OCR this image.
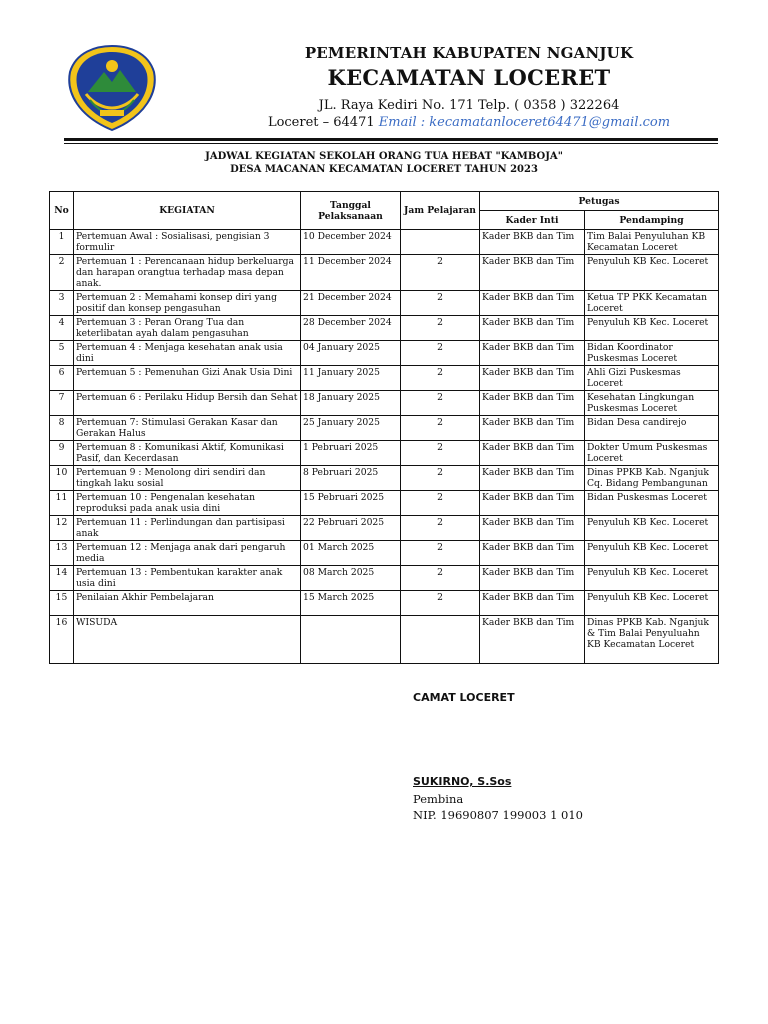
PEMERINTAH KABUPATEN NGANJUK
KECAMATAN LOCERET
JL. Raya Kediri No. 171 Telp. ( 0358 ) 322264
Loceret – 64471 Email : kecamatanloceret64471@gmail.com
JADWAL KEGIATAN SEKOLAH ORANG TUA HEBAT "KAMBOJA"
DESA MACANAN KECAMATAN LOCERET TAHUN 2023
No	KEGIATAN	Tanggal Pelaksanaan	Jam Pelajaran	Petugas	
				Kader Inti	Pendamping
1	Pertemuan Awal : Sosialisasi, pengisian 3 formulir	10 December 2024		Kader BKB dan Tim	Tim Balai Penyuluhan KB Kecamatan Loceret
2	Pertemuan 1 : Perencanaan hidup berkeluarga dan harapan orangtua terhadap masa depan anak.	11 December 2024	2	Kader BKB dan Tim	Penyuluh KB Kec. Loceret
3	Pertemuan 2 : Memahami konsep diri yang positif dan konsep pengasuhan	21 December 2024	2	Kader BKB dan Tim	Ketua TP PKK Kecamatan Loceret
4	Pertemuan 3 : Peran Orang Tua dan keterlibatan ayah dalam pengasuhan	28 December 2024	2	Kader BKB dan Tim	Penyuluh KB Kec. Loceret
5	Pertemuan 4 : Menjaga kesehatan anak usia dini	04 January 2025	2	Kader BKB dan Tim	Bidan Koordinator Puskesmas Loceret
6	Pertemuan 5 : Pemenuhan Gizi Anak Usia Dini	11 January 2025	2	Kader BKB dan Tim	Ahli Gizi Puskesmas Loceret
7	Pertemuan 6 : Perilaku Hidup Bersih dan Sehat	18 January 2025	2	Kader BKB dan Tim	Kesehatan Lingkungan Puskesmas Loceret
8	Pertemuan 7: Stimulasi Gerakan Kasar dan Gerakan Halus	25 January 2025	2	Kader BKB dan Tim	Bidan Desa candirejo
9	Pertemuan 8 : Komunikasi Aktif, Komunikasi Pasif, dan Kecerdasan	1 Pebruari 2025	2	Kader BKB dan Tim	Dokter Umum Puskesmas Loceret
10	Pertemuan 9 : Menolong diri sendiri dan tingkah laku sosial	8 Pebruari 2025	2	Kader BKB dan Tim	Dinas PPKB Kab. Nganjuk Cq. Bidang Pembangunan
11	Pertemuan 10 : Pengenalan kesehatan reproduksi pada anak usia dini	15 Pebruari 2025	2	Kader BKB dan Tim	Bidan Puskesmas Loceret
12	Pertemuan 11 : Perlindungan dan partisipasi anak	22 Pebruari 2025	2	Kader BKB dan Tim	Penyuluh KB Kec. Loceret
13	Pertemuan 12 : Menjaga anak dari pengaruh media	01 March 2025	2	Kader BKB dan Tim	Penyuluh KB Kec. Loceret
14	Pertemuan 13 : Pembentukan karakter anak usia dini	08 March 2025	2	Kader BKB dan Tim	Penyuluh KB Kec. Loceret
15	Penilaian Akhir Pembelajaran	15 March 2025	2	Kader BKB dan Tim	Penyuluh KB Kec. Loceret
16	WISUDA			Kader BKB dan Tim	Dinas PPKB Kab. Nganjuk & Tim Balai Penyuluahn KB Kecamatan Loceret
CAMAT LOCERET
SUKIRNO, S.Sos
Pembina
NIP. 19690807 199003 1 010
